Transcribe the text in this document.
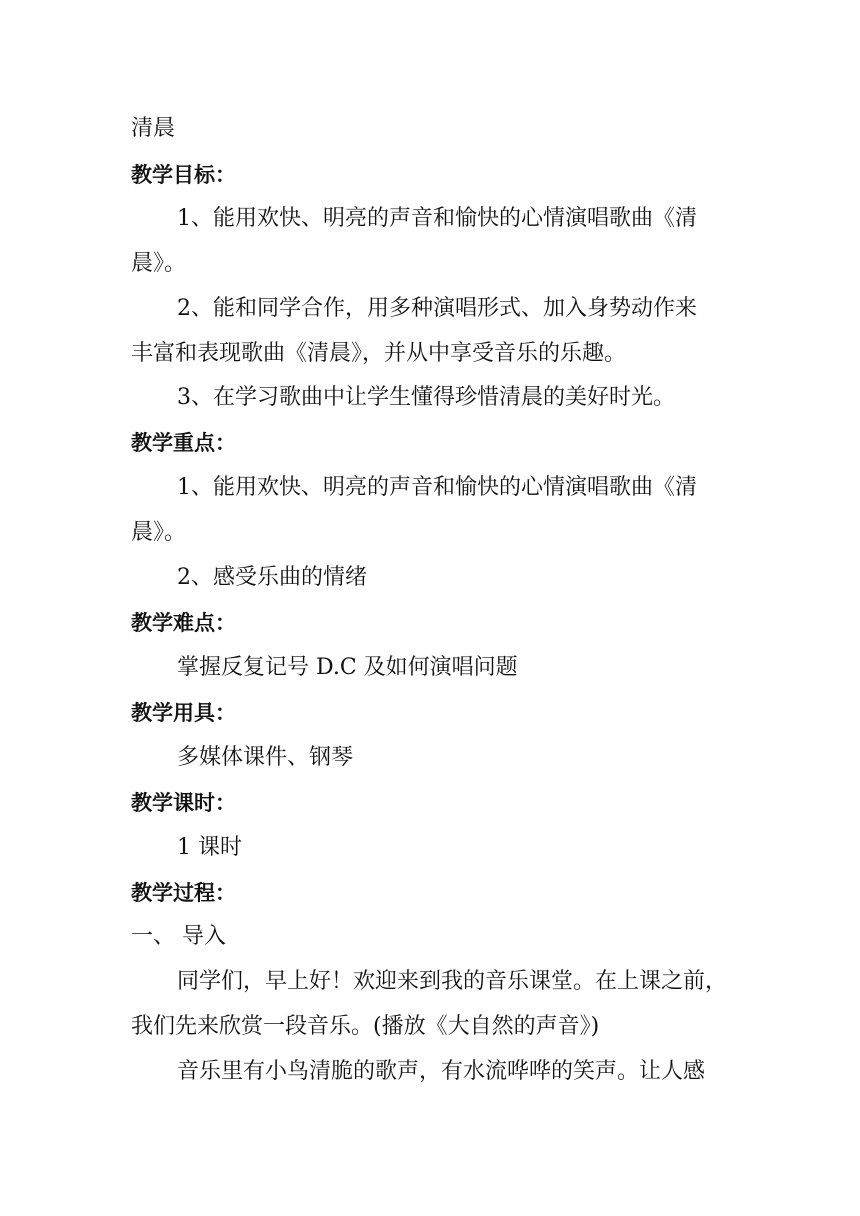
清晨
教学目标：
1、能用欢快、明亮的声音和愉快的心情演唱歌曲《清
晨》。
2、能和同学合作，用多种演唱形式、加入身势动作来
丰富和表现歌曲《清晨》，并从中享受音乐的乐趣。
3、在学习歌曲中让学生懂得珍惜清晨的美好时光。
教学重点：
1、能用欢快、明亮的声音和愉快的心情演唱歌曲《清
晨》。
2、感受乐曲的情绪
教学难点：
掌握反复记号 D.C 及如何演唱问题
教学用具：
多媒体课件、钢琴
教学课时：
1 课时
教学过程：
一、 导入
同学们，早上好！欢迎来到我的音乐课堂。在上课之前，
我们先来欣赏一段音乐。(播放《大自然的声音》)
音乐里有小鸟清脆的歌声，有水流哗哗的笑声。让人感
